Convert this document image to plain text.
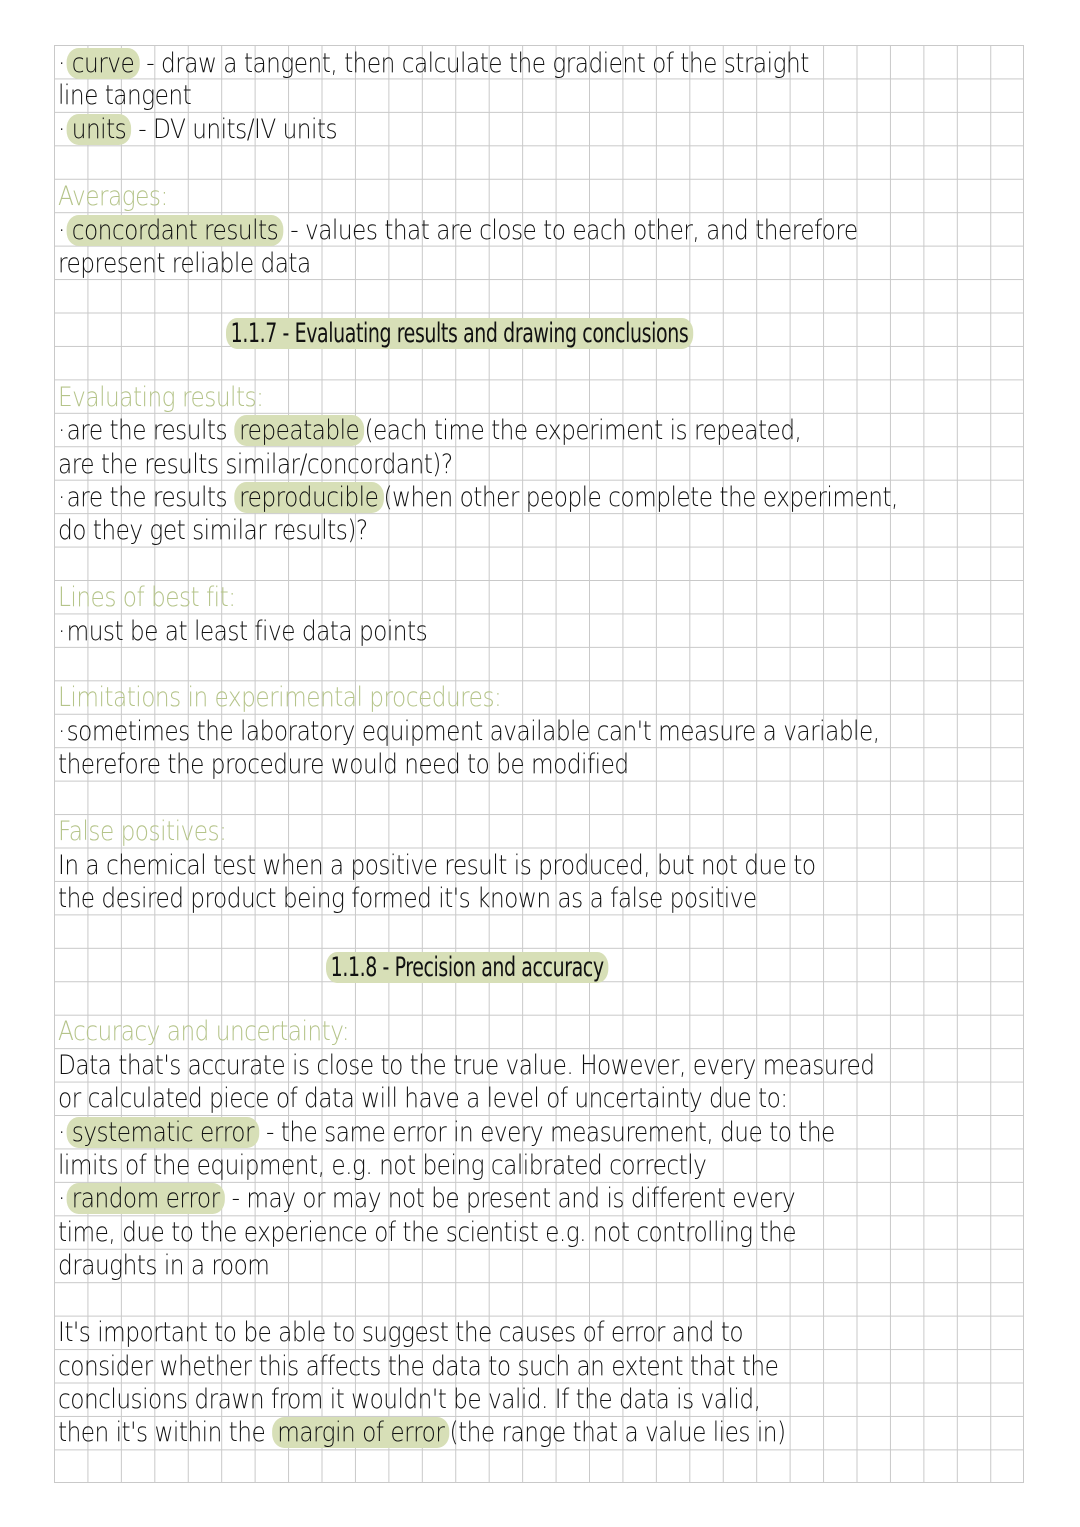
· curve - draw a tangent, then calculate the gradient of the straight
line tangent
· units - DV units/IV units
Averages:
· concordant results - values that are close to each other, and therefore
represent reliable data
1.1.7 - Evaluating results and drawing conclusions
Evaluating results:
·are the results repeatable (each time the experiment is repeated,
are the results similar/concordant)?
·are the results reproducible (when other people complete the experiment,
do they get similar results)?
Lines of best fit:
·must be at least five data points
Limitations in experimental procedures:
·sometimes the laboratory equipment available can't measure a variable,
therefore the procedure would need to be modified
False positives:
In a chemical test when a positive result is produced, but not due to
the desired product being formed it's known as a false positive
1.1.8 - Precision and accuracy
Accuracy and uncertainty:
Data that's accurate is close to the true value. However, every measured
or calculated piece of data will have a level of uncertainty due to:
· systematic error - the same error in every measurement, due to the
limits of the equipment, e.g. not being calibrated correctly
· random error - may or may not be present and is different every
time, due to the experience of the scientist e.g. not controlling the
draughts in a room
It's important to be able to suggest the causes of error and to
consider whether this affects the data to such an extent that the
conclusions drawn from it wouldn't be valid. If the data is valid,
then it's within the margin of error (the range that a value lies in)
